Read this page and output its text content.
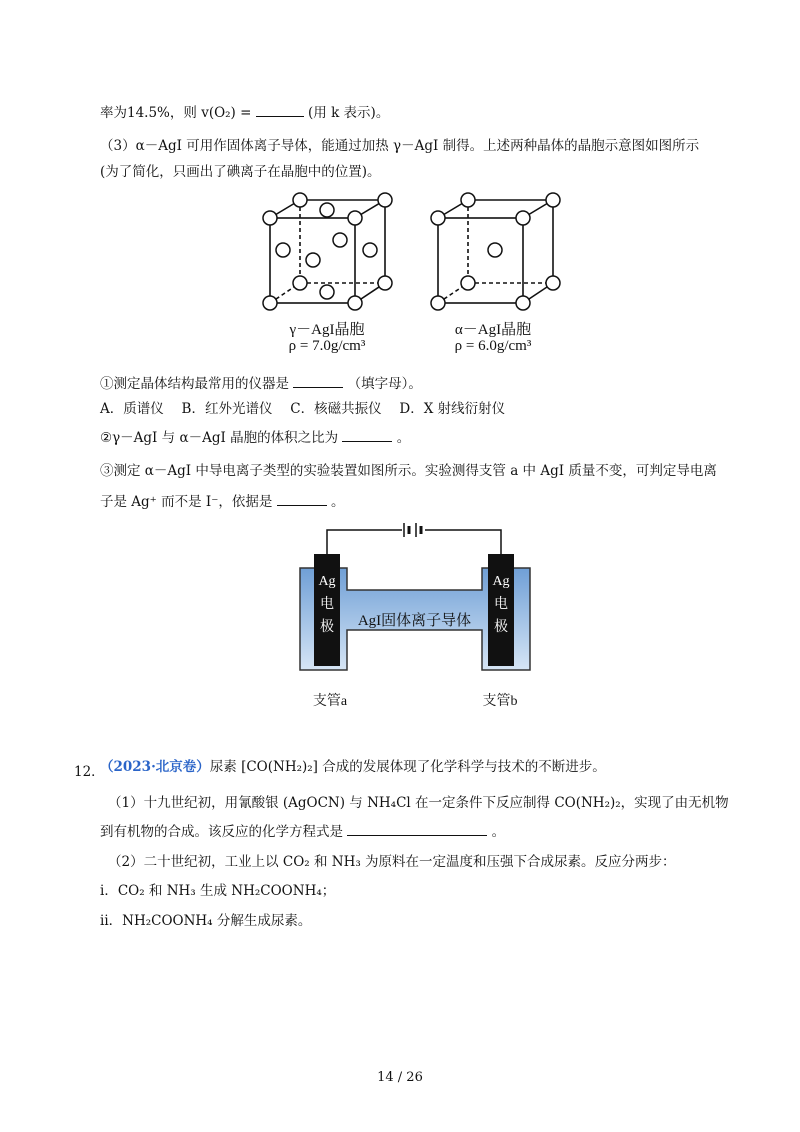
率为14.5%，则 v(O₂) =	(用 k 表示)。
（3）α－AgI 可用作固体离子导体，能通过加热 γ－AgI 制得。上述两种晶体的晶胞示意图如图所示
(为了简化，只画出了碘离子在晶胞中的位置)。
γ－AgI晶胞
ρ = 7.0g/cm³
α－AgI晶胞
ρ = 6.0g/cm³
①测定晶体结构最常用的仪器是	（填字母）。
A．质谱仪　 B．红外光谱仪　 C．核磁共振仪　 D．X 射线衍射仪
②γ－AgI 与 α－AgI 晶胞的体积之比为	。
③测定 α－AgI 中导电离子类型的实验装置如图所示。实验测得支管 a 中 AgI 质量不变，可判定导电离
子是 Ag⁺ 而不是 I⁻，依据是	。
Ag
电
极
Ag
电
极
AgI固体离子导体
支管a	支管b
12．
（2023·北京卷）尿素 [CO(NH₂)₂] 合成的发展体现了化学科学与技术的不断进步。
（1）十九世纪初，用氰酸银 (AgOCN) 与 NH₄Cl 在一定条件下反应制得 CO(NH₂)₂，实现了由无机物
到有机物的合成。该反应的化学方程式是	。
（2）二十世纪初，工业上以 CO₂ 和 NH₃ 为原料在一定温度和压强下合成尿素。反应分两步：
ⅰ．CO₂ 和 NH₃ 生成 NH₂COONH₄；
ⅱ．NH₂COONH₄ 分解生成尿素。
14 / 26
